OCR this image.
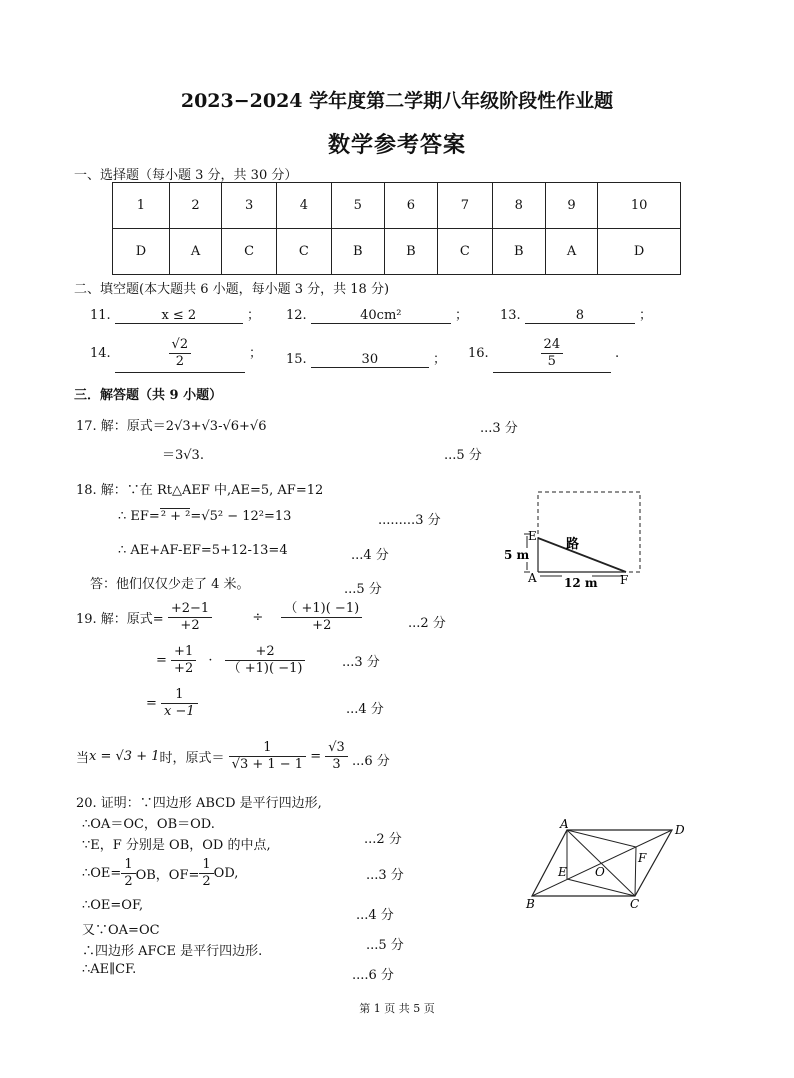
2023−2024 学年度第二学期八年级阶段性作业题
数学参考答案
一、选择题（每小题 3 分，共 30 分）
1	2	3	4	5	6	7	8	9	10
D	A	C	C	B	B	C	B	A	D
二、填空题(本大题共 6 小题，每小题 3 分，共 18 分)
11.	x ≤ 2	； 12.	40cm²	； 13.	8	；
14.	$\frac{√2}{2}$	； 15.	30	； 16.	$\frac{24}{5}$	.
三．解答题（共 9 小题）
17. 解：原式＝2√3+√3-√6+√6	...3 分
＝3√3.	...5 分
18. 解：∵在 Rt△AEF 中,AE=5, AF=12
∴ EF=² + ²=√5² − 12²=13	.........3 分
∴ AE+AF-EF=5+12-13=4	...4 分
答：他们仅仅少走了 4 米。	...5 分
E
A	F
路
5 m
12 m
19. 解：原式= $\frac{+2-1}{+2}$	÷ $\frac{( +1)( -1)}{+2}$	...2 分
= $\frac{+1}{+2} \cdot \frac{+2}{( +1)( -1)}$	...3 分
= $\frac{1}{x -1}$	...4 分
当x = √3 + 1时，原式＝ $\frac{1}{√3 + 1 - 1} = \frac{√3}{3} ...6$ 分
20. 证明：∵四边形 ABCD 是平行四边形,
∴OA＝OC，OB＝OD.
∵E，F 分别是 OB，OD 的中点,	...2 分
∴OE= $\frac{1}{2}$ OB，$OF= \frac{1}{2}$ OD,	...3 分
∴OE=OF,
...4 分
又∵OA=OC
∴四边形 AFCE 是平行四边形.	...5 分
∴AE∥CF.	....6 分
A	D
B	C
E
F
O
第 1 页 共 5 页
